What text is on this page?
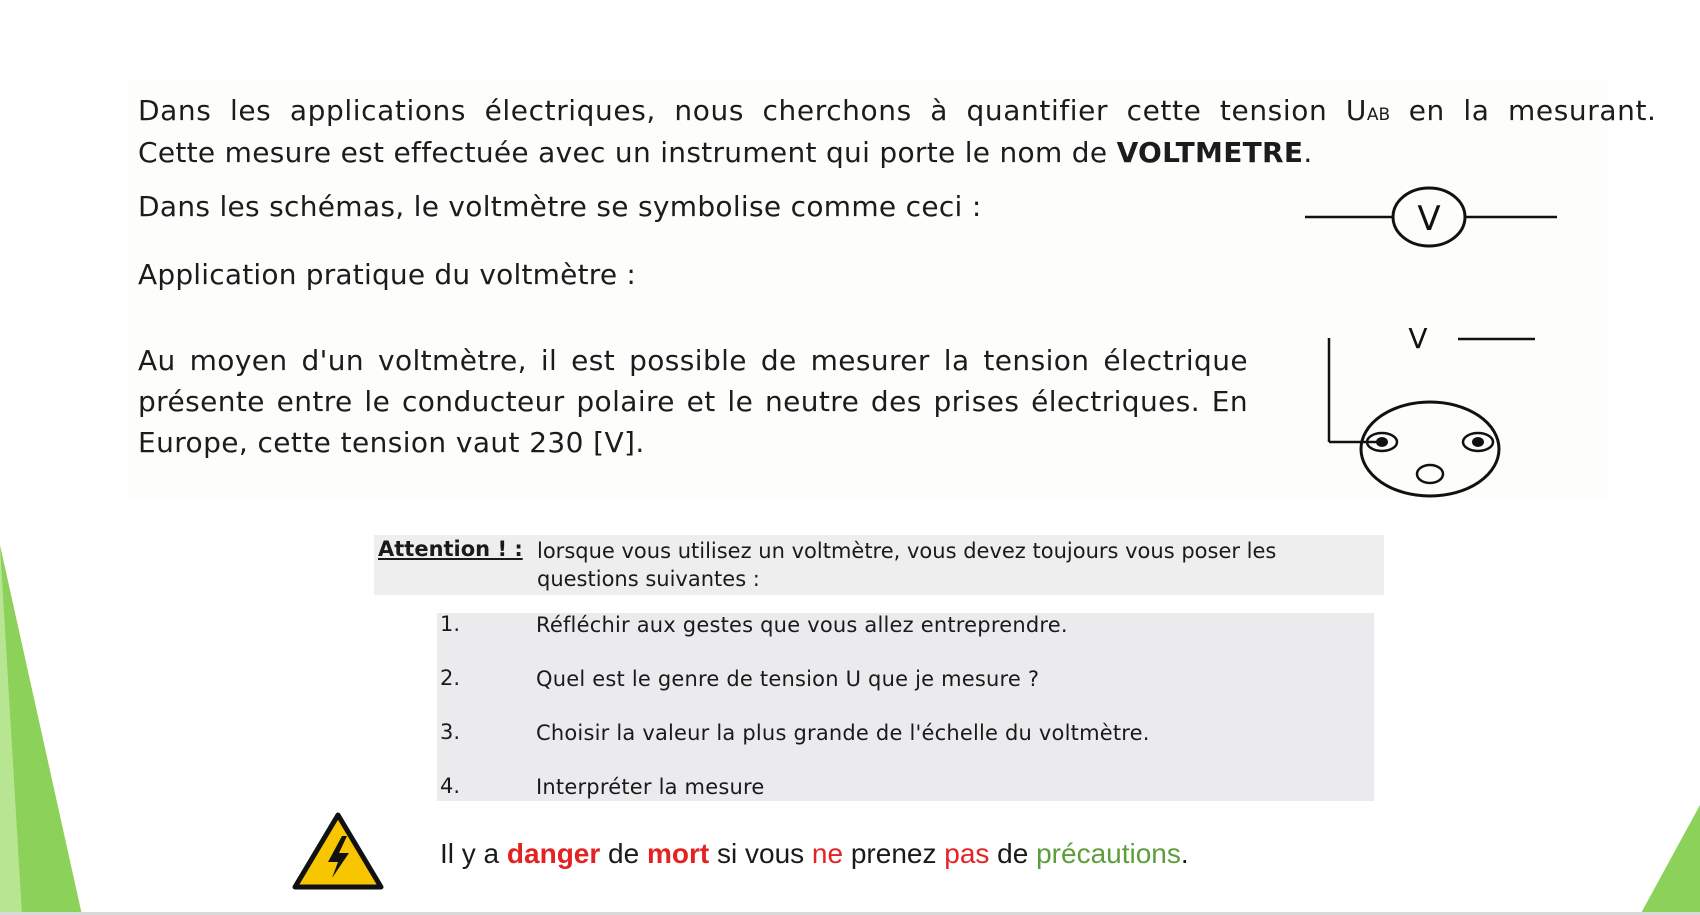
Dans les applications électriques, nous cherchons à quantifier cette tension UAB en la mesurant.

Cette mesure est effectuée avec un instrument qui porte le nom de VOLTMETRE.

Dans les schémas, le voltmètre se symbolise comme ceci :

Application pratique du voltmètre :

Au moyen d'un voltmètre, il est possible de mesurer la tension électrique présente entre le conducteur polaire et le neutre des prises électriques. En Europe, cette tension vaut 230 [V].

V
V
Attention ! : lorsque vous utilisez un voltmètre, vous devez toujours vous poser les questions suivantes :

1.	Réfléchir aux gestes que vous allez entreprendre.
2.	Quel est le genre de tension U que je mesure ?
3.	Choisir la valeur la plus grande de l'échelle du voltmètre.
4.	Interpréter la mesure

Il y a danger de mort si vous ne prenez pas de précautions.
